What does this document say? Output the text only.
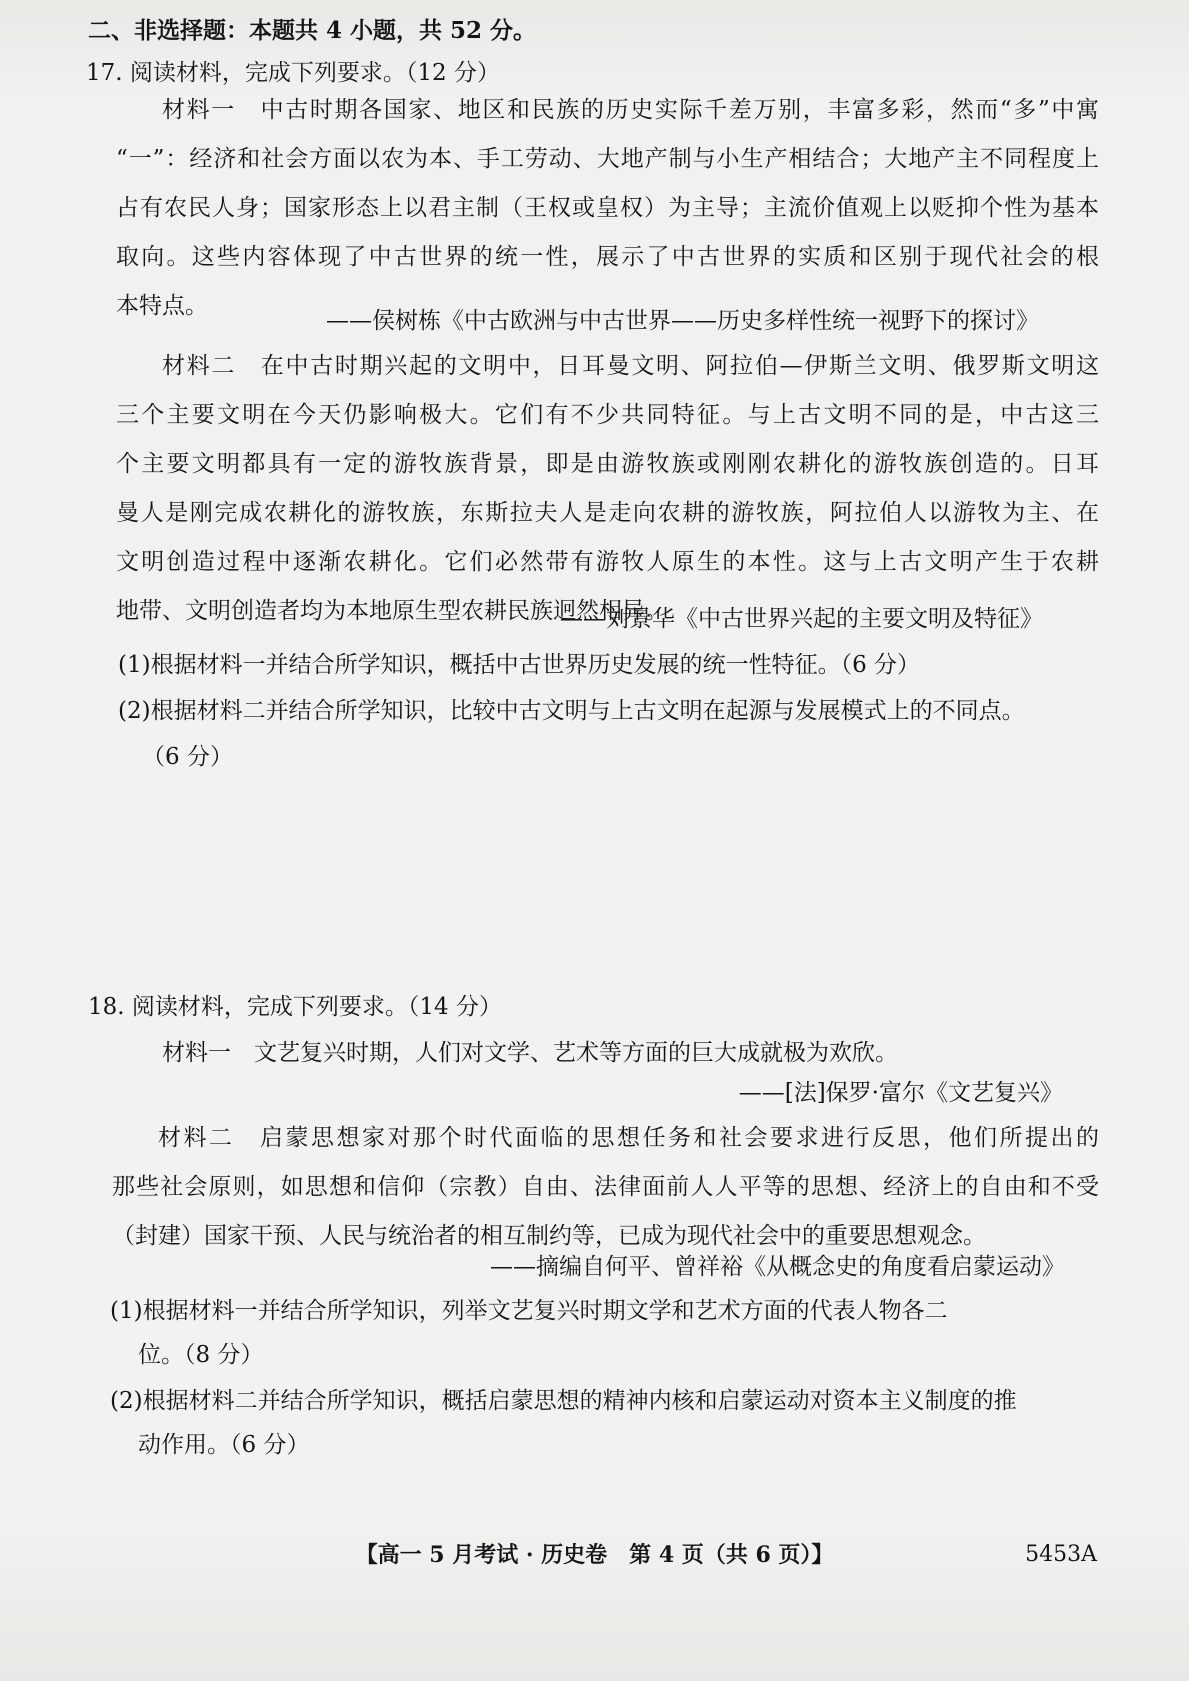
二、非选择题：本题共 4 小题，共 52 分。
17. 阅读材料，完成下列要求。（12 分）
材料一　中古时期各国家、地区和民族的历史实际千差万别，丰富多彩，然而“多”中寓
“一”：经济和社会方面以农为本、手工劳动、大地产制与小生产相结合；大地产主不同程度上
占有农民人身；国家形态上以君主制（王权或皇权）为主导；主流价值观上以贬抑个性为基本
取向。这些内容体现了中古世界的统一性，展示了中古世界的实质和区别于现代社会的根
本特点。
——侯树栋《中古欧洲与中古世界——历史多样性统一视野下的探讨》
材料二　在中古时期兴起的文明中，日耳曼文明、阿拉伯—伊斯兰文明、俄罗斯文明这
三个主要文明在今天仍影响极大。它们有不少共同特征。与上古文明不同的是，中古这三
个主要文明都具有一定的游牧族背景，即是由游牧族或刚刚农耕化的游牧族创造的。日耳
曼人是刚完成农耕化的游牧族，东斯拉夫人是走向农耕的游牧族，阿拉伯人以游牧为主、在
文明创造过程中逐渐农耕化。它们必然带有游牧人原生的本性。这与上古文明产生于农耕
地带、文明创造者均为本地原生型农耕民族迥然相异。
——刘景华《中古世界兴起的主要文明及特征》
(1)根据材料一并结合所学知识，概括中古世界历史发展的统一性特征。（6 分）
(2)根据材料二并结合所学知识，比较中古文明与上古文明在起源与发展模式上的不同点。
（6 分）
18. 阅读材料，完成下列要求。（14 分）
材料一　文艺复兴时期，人们对文学、艺术等方面的巨大成就极为欢欣。
——[法]保罗·富尔《文艺复兴》
材料二　启蒙思想家对那个时代面临的思想任务和社会要求进行反思，他们所提出的
那些社会原则，如思想和信仰（宗教）自由、法律面前人人平等的思想、经济上的自由和不受
（封建）国家干预、人民与统治者的相互制约等，已成为现代社会中的重要思想观念。
——摘编自何平、曾祥裕《从概念史的角度看启蒙运动》
(1)根据材料一并结合所学知识，列举文艺复兴时期文学和艺术方面的代表人物各二
位。（8 分）
(2)根据材料二并结合所学知识，概括启蒙思想的精神内核和启蒙运动对资本主义制度的推
动作用。（6 分）
【高一 5 月考试 · 历史卷　第 4 页（共 6 页）】	5453A
